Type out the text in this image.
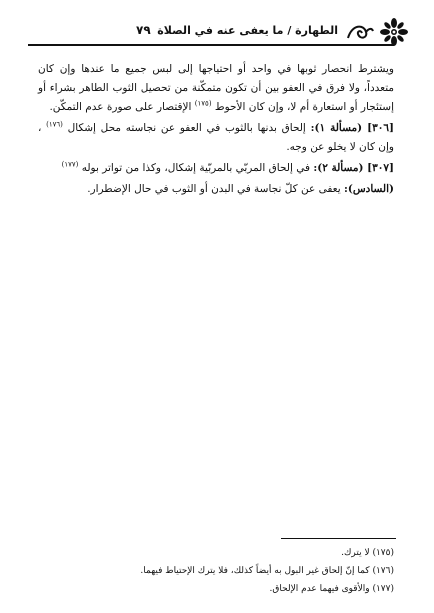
الطهارة / ما يعفى عنه في الصلاة
٧٩

ويشترط انحصار ثوبها في واحد أو احتياجها إلى لبس جميع ما عندها وإن كان متعدداً، ولا فرق في العفو بين أن تكون متمكّنة من تحصيل الثوب الطاهر بشراء أو إستئجار أو استعارة أم لا، وإن كان الأحوط $^{(١٧٥)}$ الإقتصار على صورة عدم التمكّن.

[٣٠٦] (مسألة ١): إلحاق بدنها بالثوب في العفو عن نجاسته محل إشكال $^{(١٧٦)}$ ، وإن كان لا يخلو عن وجه.

[٣٠٧] (مسألة ٢): في إلحاق المربّي بالمربّية إشكال، وكذا من تواتر بوله $^{(١٧٧)}$

(السادس): يعفى عن كلّ نجاسة في البدن أو الثوب في حال الإضطرار.

(١٧٥) لا يترك.
(١٧٦) كما إنّ إلحاق غير البول به أيضاً كذلك، فلا يترك الإحتياط فيهما.
(١٧٧) والأقوى فيهما عدم الإلحاق.
